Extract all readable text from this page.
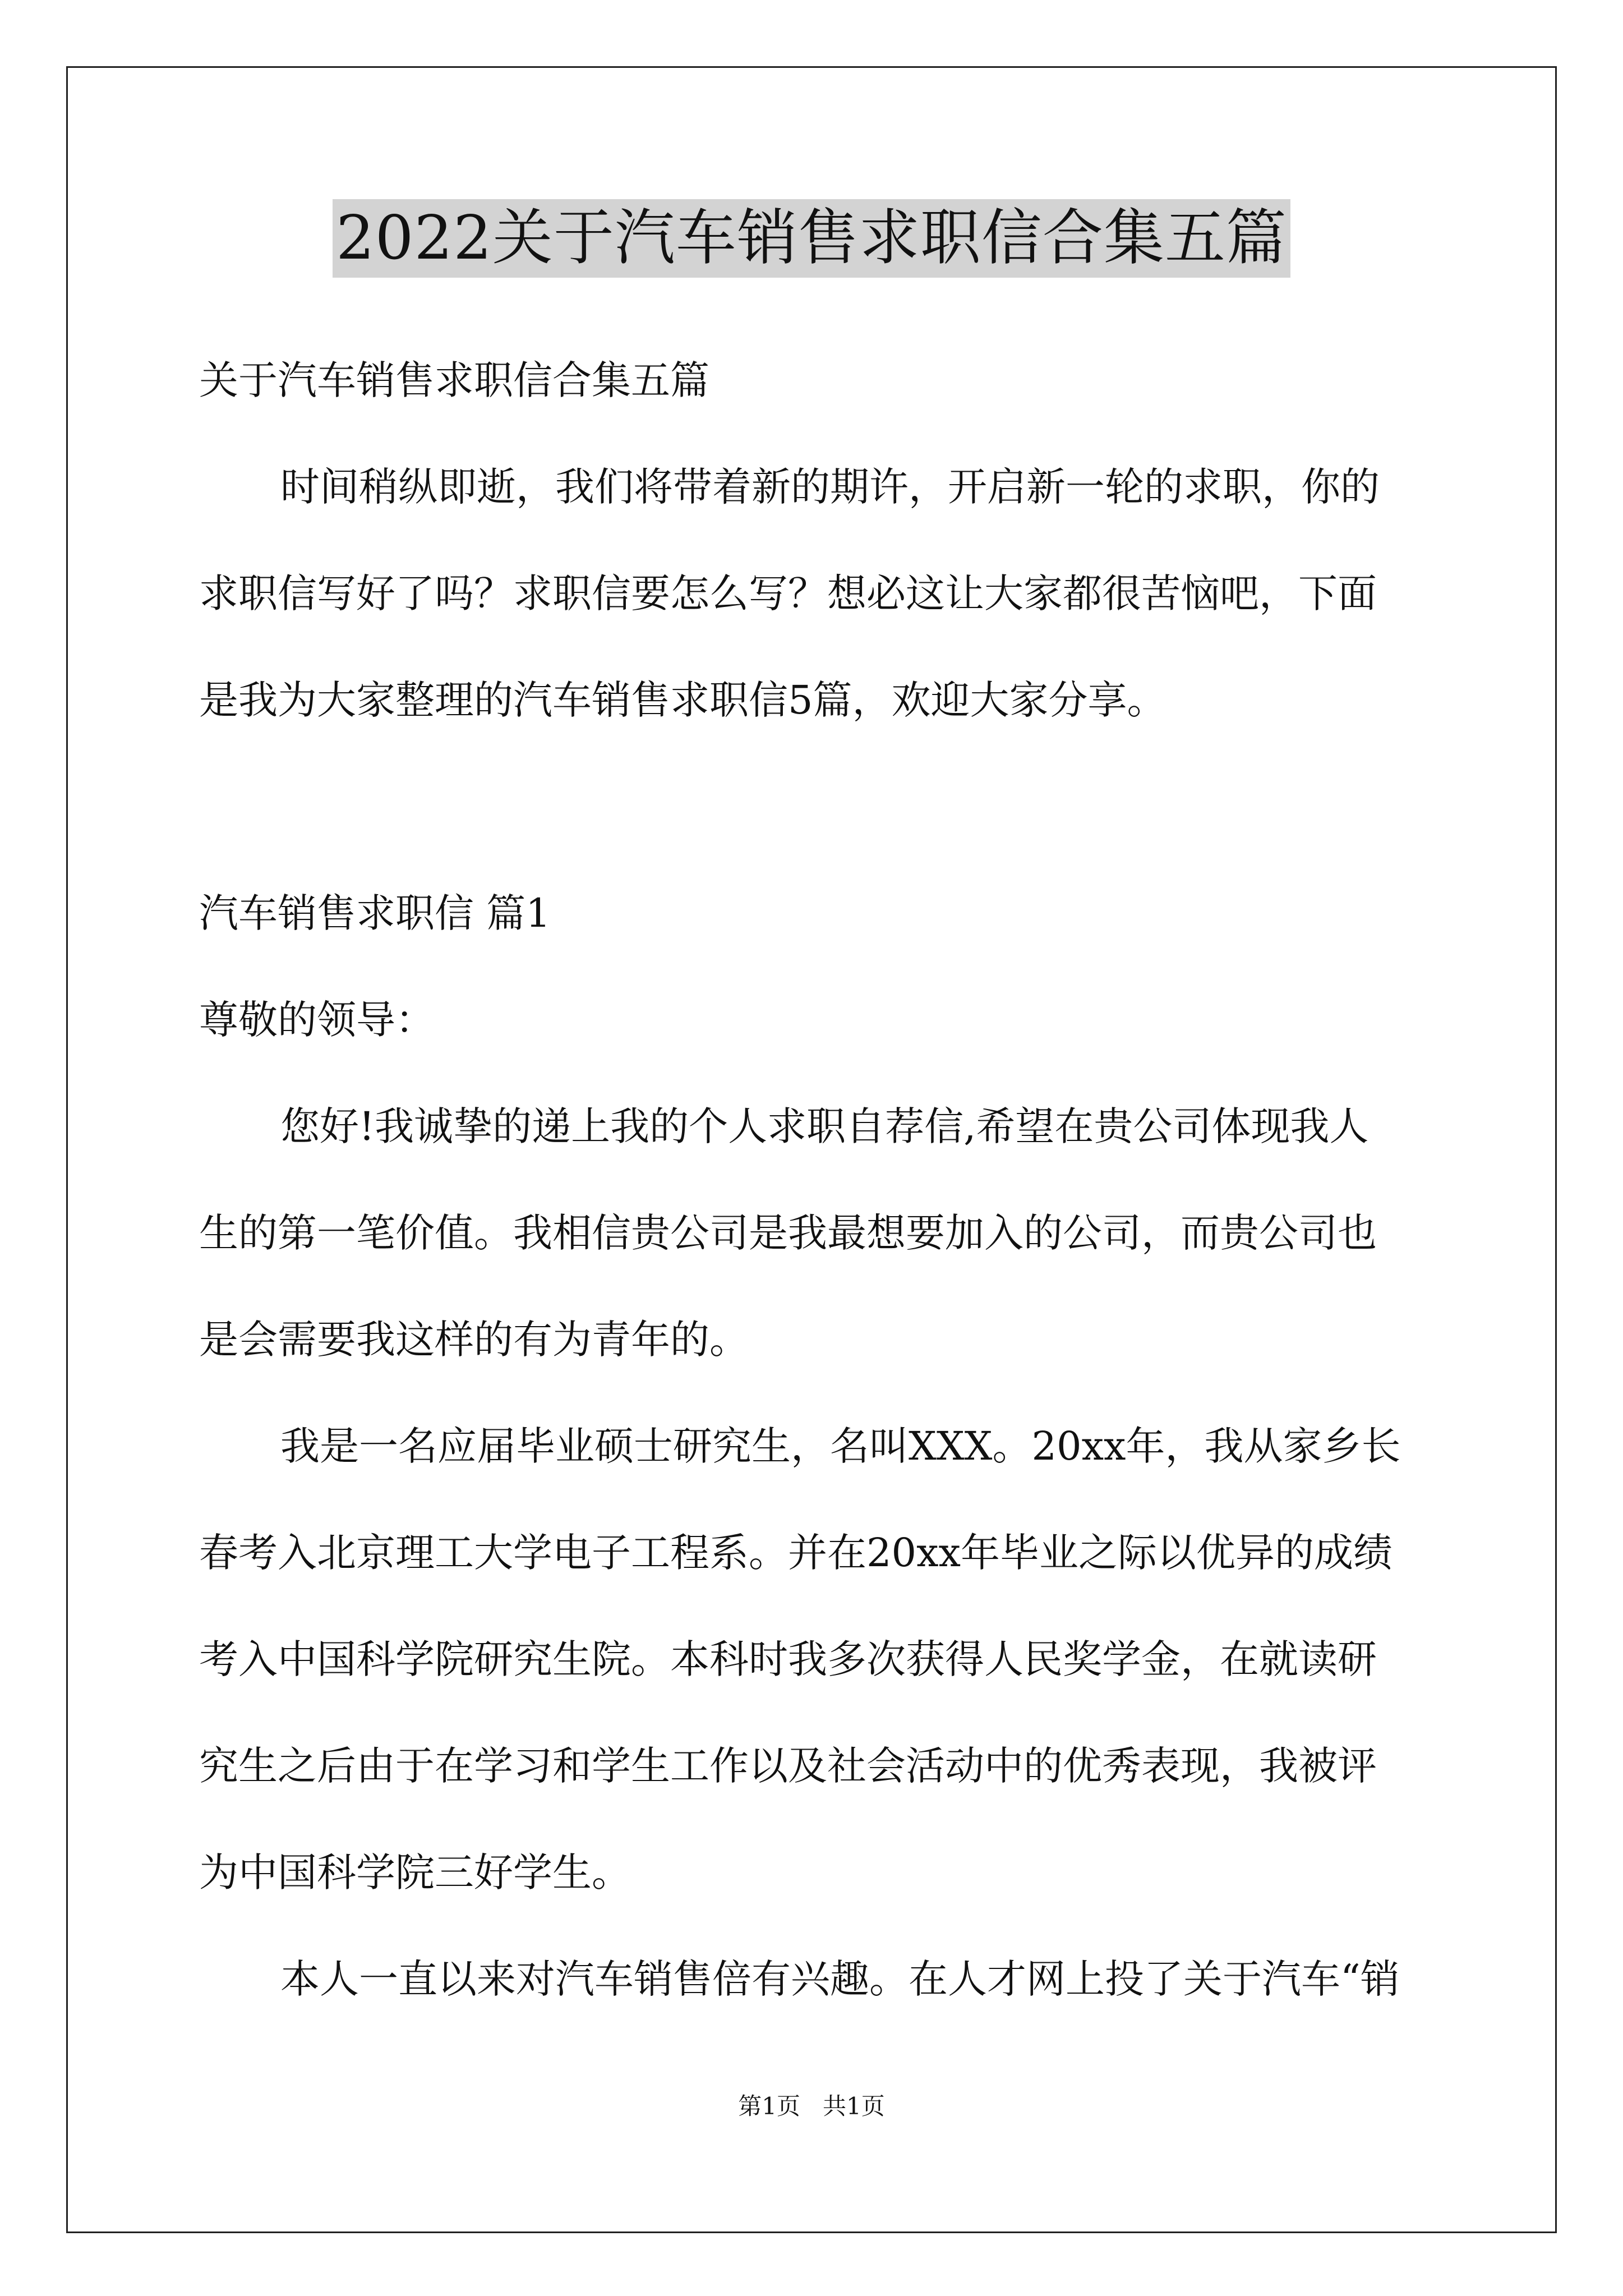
2022关于汽车销售求职信合集五篇
关于汽车销售求职信合集五篇
时间稍纵即逝，我们将带着新的期许，开启新一轮的求职，你的
求职信写好了吗？求职信要怎么写？想必这让大家都很苦恼吧，下面
是我为大家整理的汽车销售求职信5篇，欢迎大家分享。
汽车销售求职信 篇1
尊敬的领导：
您好!我诚挚的递上我的个人求职自荐信,希望在贵公司体现我人
生的第一笔价值。我相信贵公司是我最想要加入的公司，而贵公司也
是会需要我这样的有为青年的。
我是一名应届毕业硕士研究生，名叫XXX。20xx年，我从家乡长
春考入北京理工大学电子工程系。并在20xx年毕业之际以优异的成绩
考入中国科学院研究生院。本科时我多次获得人民奖学金，在就读研
究生之后由于在学习和学生工作以及社会活动中的优秀表现，我被评
为中国科学院三好学生。
本人一直以来对汽车销售倍有兴趣。在人才网上投了关于汽车“销
第1页   共1页
